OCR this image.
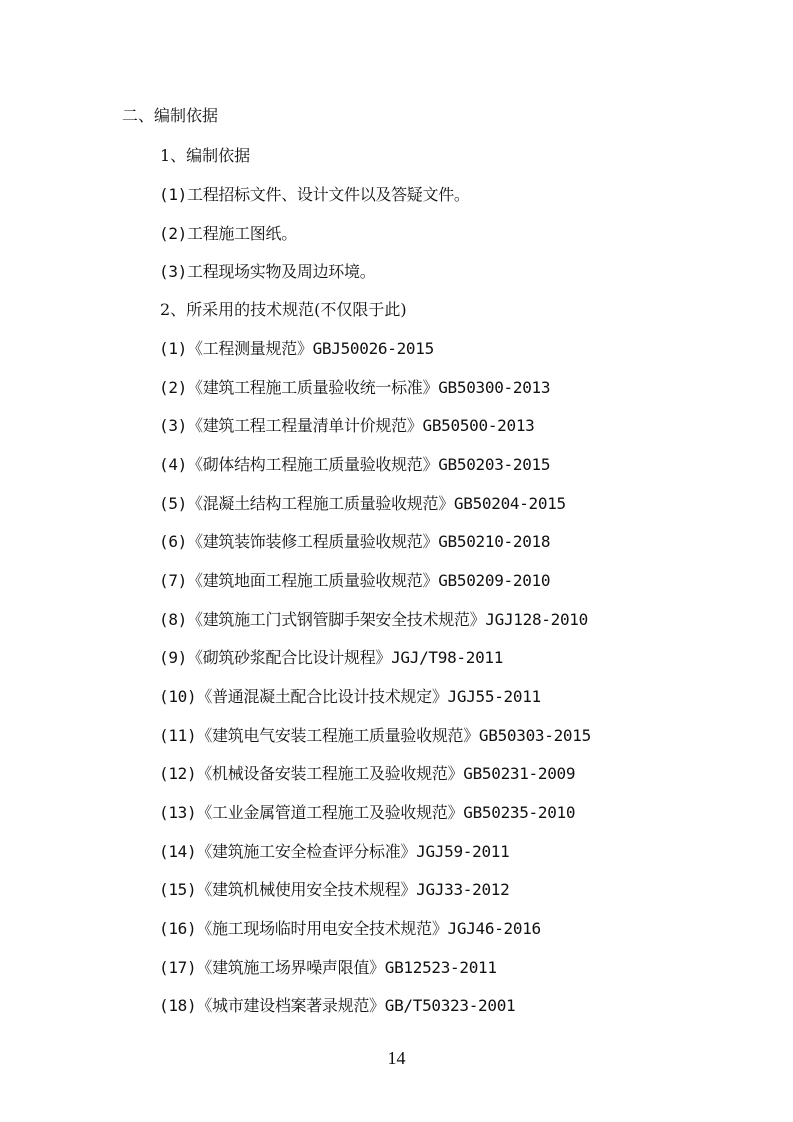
二、编制依据
1、编制依据
(1)工程招标文件、设计文件以及答疑文件。
(2)工程施工图纸。
(3)工程现场实物及周边环境。
2、所采用的技术规范(不仅限于此)
(1)《工程测量规范》GBJ50026-2015
(2)《建筑工程施工质量验收统一标准》GB50300-2013
(3)《建筑工程工程量清单计价规范》GB50500-2013
(4)《砌体结构工程施工质量验收规范》GB50203-2015
(5)《混凝土结构工程施工质量验收规范》GB50204-2015
(6)《建筑装饰装修工程质量验收规范》GB50210-2018
(7)《建筑地面工程施工质量验收规范》GB50209-2010
(8)《建筑施工门式钢管脚手架安全技术规范》JGJ128-2010
(9)《砌筑砂浆配合比设计规程》JGJ/T98-2011
(10)《普通混凝土配合比设计技术规定》JGJ55-2011
(11)《建筑电气安装工程施工质量验收规范》GB50303-2015
(12)《机械设备安装工程施工及验收规范》GB50231-2009
(13)《工业金属管道工程施工及验收规范》GB50235-2010
(14)《建筑施工安全检查评分标准》JGJ59-2011
(15)《建筑机械使用安全技术规程》JGJ33-2012
(16)《施工现场临时用电安全技术规范》JGJ46-2016
(17)《建筑施工场界噪声限值》GB12523-2011
(18)《城市建设档案著录规范》GB/T50323-2001
14
